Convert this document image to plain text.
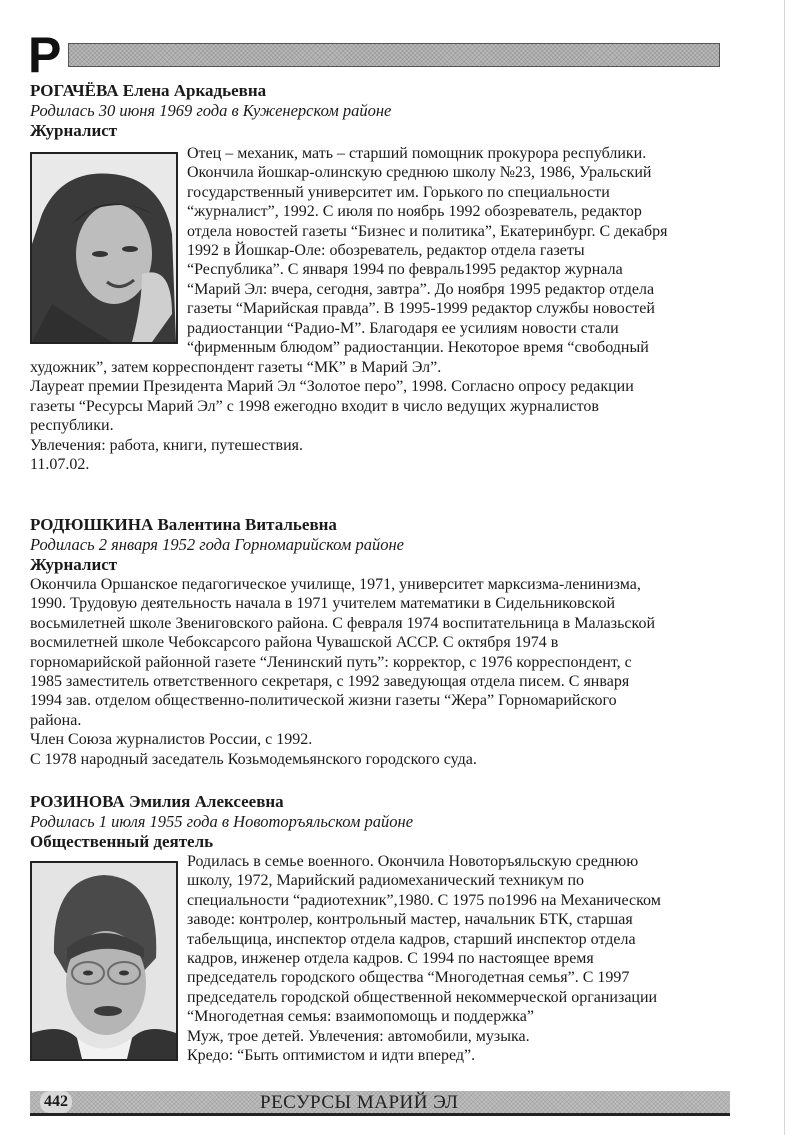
Р
РОГАЧЁВА Елена Аркадьевна
Родилась 30 июня 1969 года в Куженерском районе
Журналист

Отец – механик, мать – старший помощник прокурора республики.

Окончила йошкар-олинскую среднюю школу №23, 1986, Уральский

государственный университет им. Горького по специальности

“журналист”, 1992. С июля по ноябрь 1992 обозреватель, редактор

отдела новостей газеты “Бизнес и политика”, Екатеринбург. С декабря

1992 в Йошкар-Оле: обозреватель, редактор отдела газеты

“Республика”. С января 1994 по февраль1995 редактор журнала

“Марий Эл: вчера, сегодня, завтра”. До ноября 1995 редактор отдела

газеты “Марийская правда”. В 1995-1999 редактор службы новостей

радиостанции “Радио-М”. Благодаря ее усилиям новости стали

“фирменным блюдом” радиостанции. Некоторое время “свободный

художник”, затем корреспондент газеты “МК” в Марий Эл”.

Лауреат премии Президента Марий Эл “Золотое перо”, 1998. Согласно опросу редакции

газеты “Ресурсы Марий Эл” с 1998 ежегодно входит в число ведущих журналистов

республики.

Увлечения: работа, книги, путешествия.

11.07.02.

РОДЮШКИНА Валентина Витальевна
Родилась 2 января 1952 года Горномарийском районе
Журналист

Окончила Оршанское педагогическое училище, 1971, университет марксизма-ленинизма,

1990. Трудовую деятельность начала в 1971 учителем математики в Сидельниковской

восьмилетней школе Звениговского района. С февраля 1974 воспитательница в Малазьской

восмилетней школе Чебоксарсого района Чувашской АССР. С октября 1974 в

горномарийской районной газете “Ленинский путь”: корректор, с 1976 корреспондент, с

1985 заместитель ответственного секретаря, с 1992 заведующая отдела писем. С января

1994 зав. отделом общественно-политической жизни газеты “Жера” Горномарийского

района.

Член Союза журналистов России, с 1992.

С 1978 народный заседатель Козьмодемьянского городского суда.

РОЗИНОВА Эмилия Алексеевна
Родилась 1 июля 1955 года в Новоторъяльском районе
Общественный деятель

Родилась в семье военного. Окончила Новоторъяльскую среднюю

школу, 1972, Марийский радиомеханический техникум по

специальности “радиотехник”,1980. С 1975 по1996 на Механическом

заводе: контролер, контрольный мастер, начальник БТК, старшая

табельщица, инспектор отдела кадров, старший инспектор отдела

кадров, инженер отдела кадров. С 1994 по настоящее время

председатель городского общества “Многодетная семья”. С 1997

председатель городской общественной некоммерческой организации

“Многодетная семья: взаимопомощь и поддержка”

Муж, трое детей. Увлечения: автомобили, музыка.

Кредо: “Быть оптимистом и идти вперед”.

442	РЕСУРСЫ МАРИЙ ЭЛ
